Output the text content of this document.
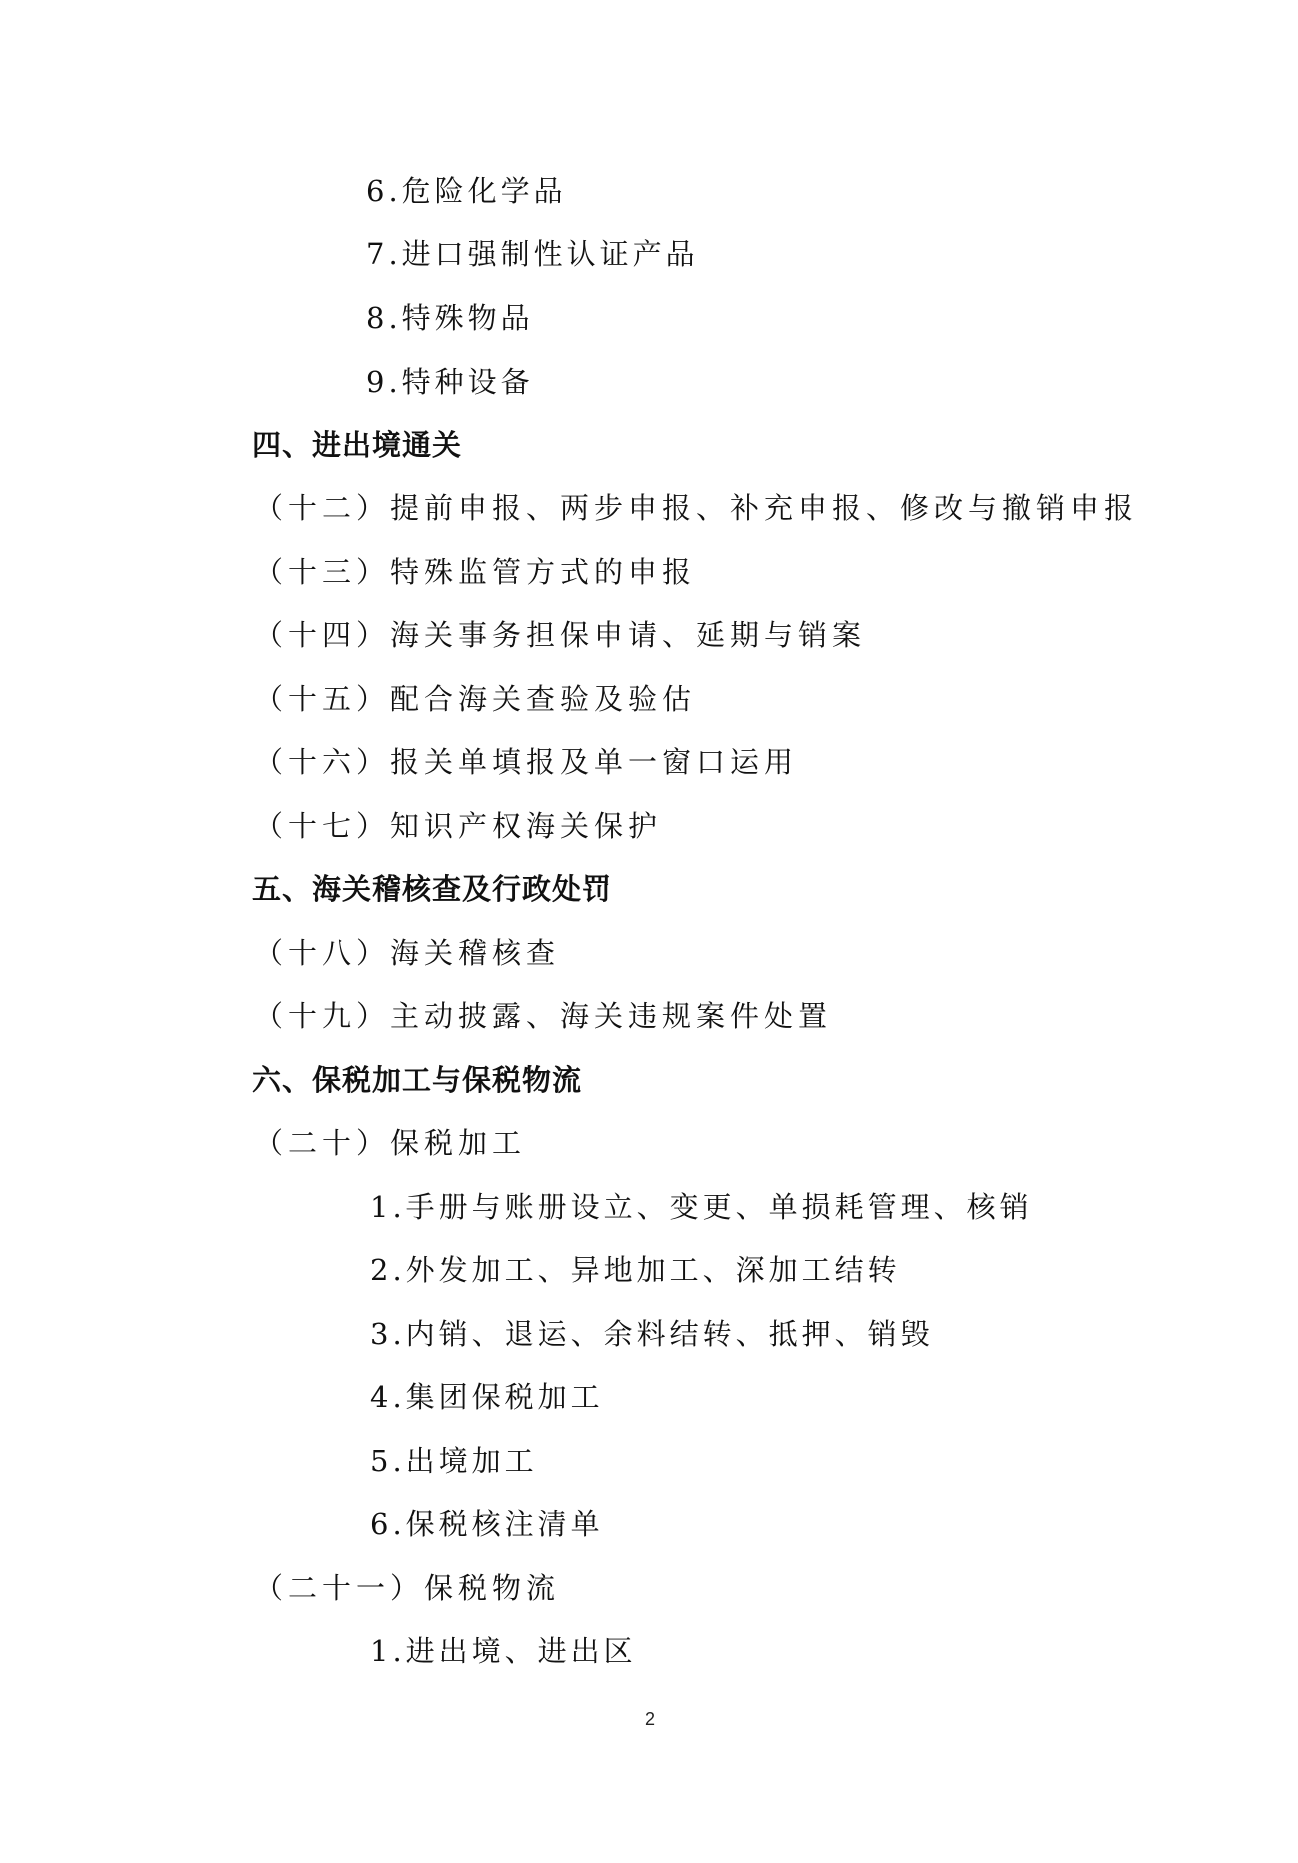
6.危险化学品
7.进口强制性认证产品
8.特殊物品
9.特种设备
四、进出境通关
（十二）提前申报、两步申报、补充申报、修改与撤销申报
（十三）特殊监管方式的申报
（十四）海关事务担保申请、延期与销案
（十五）配合海关查验及验估
（十六）报关单填报及单一窗口运用
（十七）知识产权海关保护
五、海关稽核查及行政处罚
（十八）海关稽核查
（十九）主动披露、海关违规案件处置
六、保税加工与保税物流
（二十）保税加工
1.手册与账册设立、变更、单损耗管理、核销
2.外发加工、异地加工、深加工结转
3.内销、退运、余料结转、抵押、销毁
4.集团保税加工
5.出境加工
6.保税核注清单
（二十一）保税物流
1.进出境、进出区
2
